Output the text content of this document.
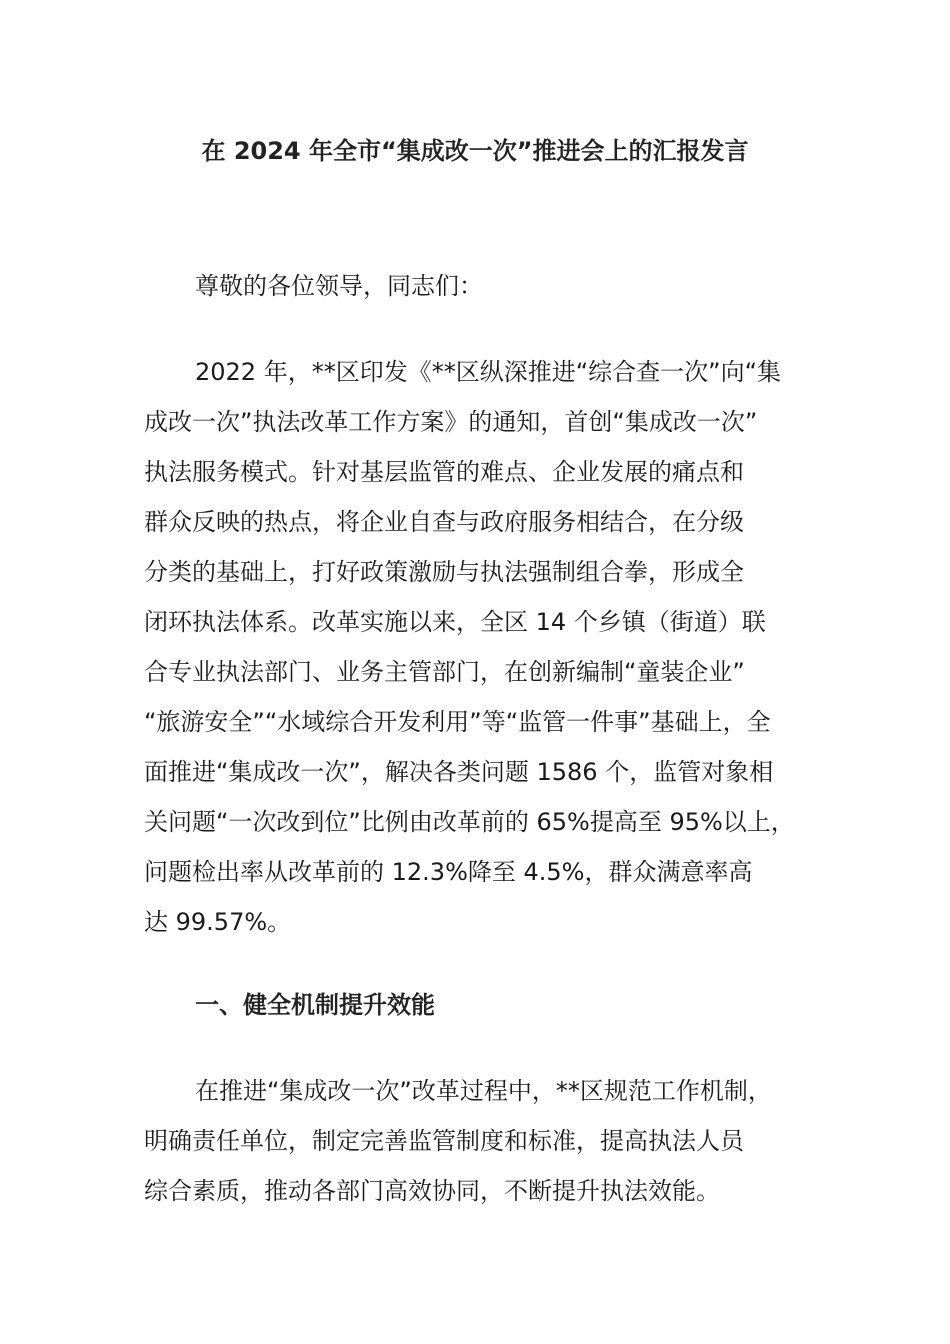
在 2024 年全市“集成改一次”推进会上的汇报发言

尊敬的各位领导，同志们：

2022 年，**区印发《**区纵深推进“综合查一次”向“集
成改一次”执法改革工作方案》的通知，首创“集成改一次”
执法服务模式。针对基层监管的难点、企业发展的痛点和
群众反映的热点，将企业自查与政府服务相结合，在分级
分类的基础上，打好政策激励与执法强制组合拳，形成全
闭环执法体系。改革实施以来，全区 14 个乡镇（街道）联
合专业执法部门、业务主管部门，在创新编制“童装企业”
“旅游安全”“水域综合开发利用”等“监管一件事”基础上，全
面推进“集成改一次”，解决各类问题 1586 个，监管对象相
关问题“一次改到位”比例由改革前的 65%提高至 95%以上，
问题检出率从改革前的 12.3%降至 4.5%，群众满意率高
达 99.57%。
一、健全机制提升效能
在推进“集成改一次”改革过程中，**区规范工作机制，
明确责任单位，制定完善监管制度和标准，提高执法人员
综合素质，推动各部门高效协同，不断提升执法效能。
